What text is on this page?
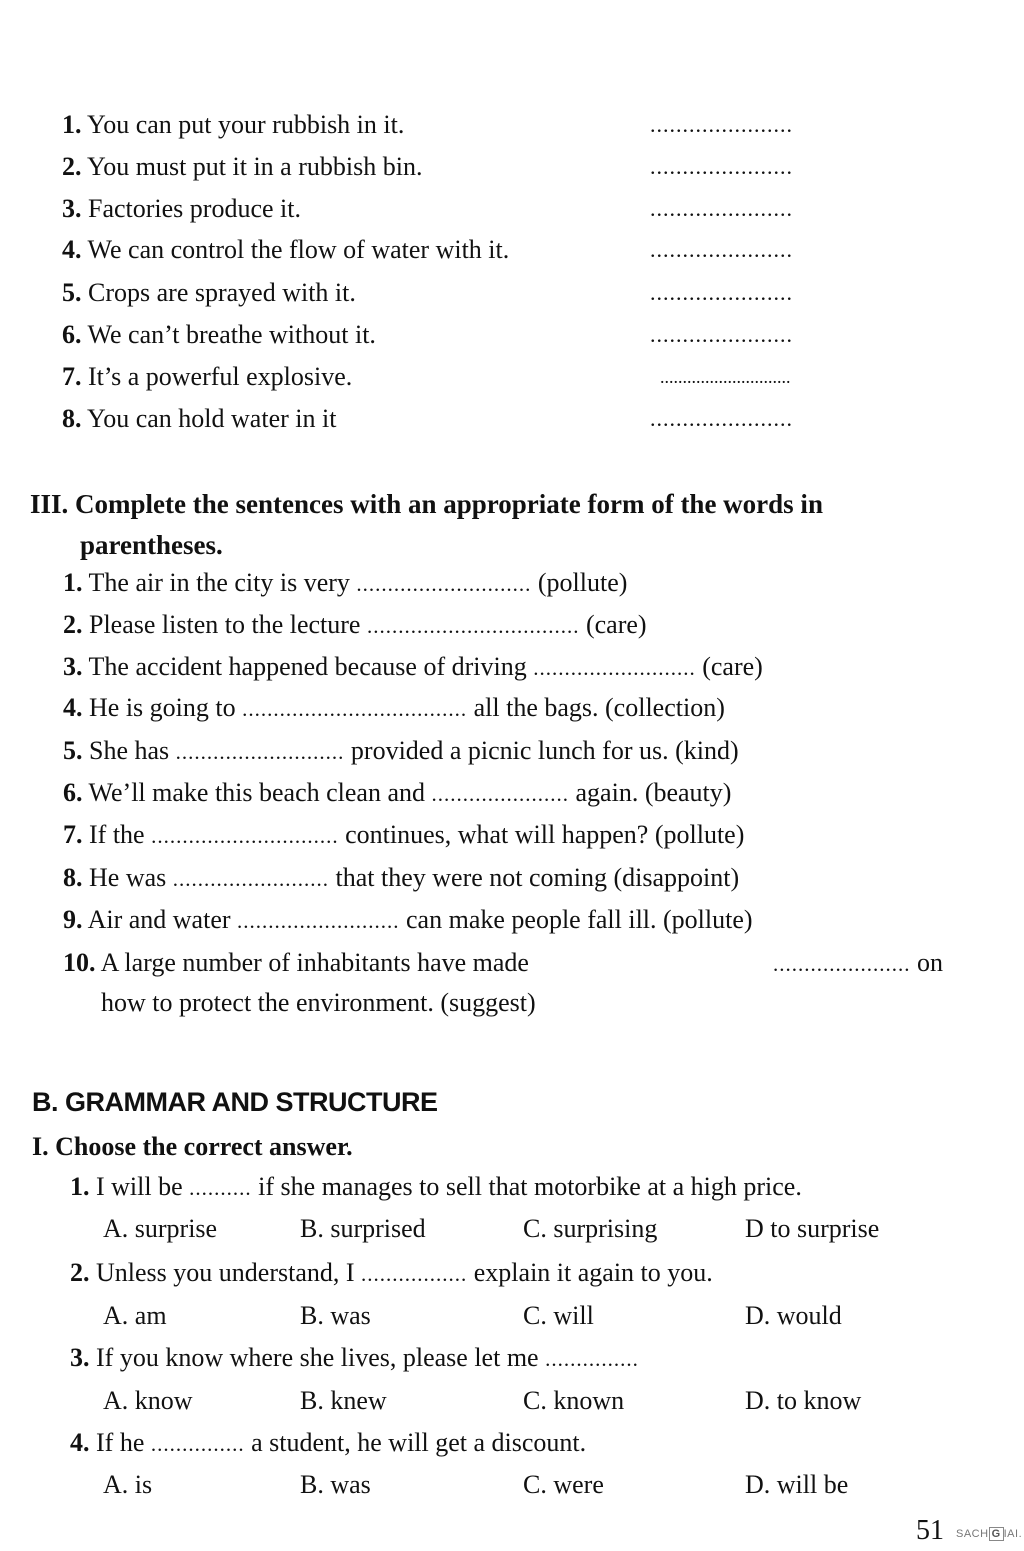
1. You can put your rubbish in it.	......................
2. You must put it in a rubbish bin.	......................
3. Factories produce it.	......................
4. We can control the flow of water with it.	......................
5. Crops are sprayed with it.	......................
6. We can’t breathe without it.	......................
7. It’s a powerful explosive.	.............................
8. You can hold water in it	......................
III. Complete the sentences with an appropriate form of the words in
parentheses.
1. The air in the city is very ............................ (pollute)
2. Please listen to the lecture .................................. (care)
3. The accident happened because of driving .......................... (care)
4. He is going to .................................... all the bags. (collection)
5. She has ........................... provided a picnic lunch for us. (kind)
6. We’ll make this beach clean and ...................... again. (beauty)
7. If the .............................. continues, what will happen? (pollute)
8. He was ......................... that they were not coming (disappoint)
9. Air and water .......................... can make people fall ill. (pollute)
10. A large number of inhabitants have made	...................... on
how to protect the environment. (suggest)
B. GRAMMAR AND STRUCTURE
I. Choose the correct answer.
1. I will be .......... if she manages to sell that motorbike at a high price.
A. surprise	B. surprised	C. surprising	D to surprise
2. Unless you understand, I ................. explain it again to you.
A. am	B. was	C. will	D. would
3. If you know where she lives, please let me ...............
A. know	B. knew	C. known	D. to know
4. If he ............... a student, he will get a discount.
A. is	B. was	C. were	D. will be
51 SACH G IAI.
